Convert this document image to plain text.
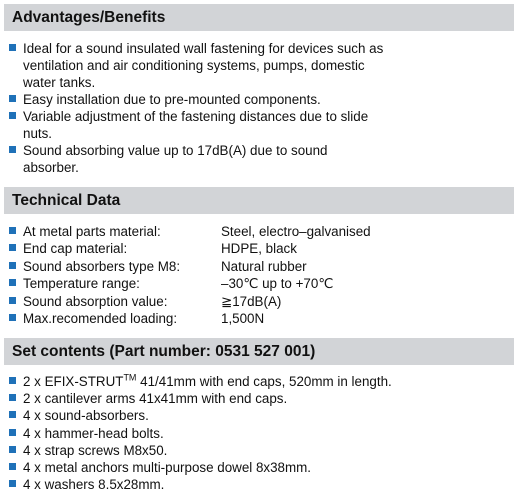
Advantages/Benefits
Ideal for a sound insulated wall fastening for devices such as
ventilation and air conditioning systems, pumps, domestic
water tanks.
Easy installation due to pre-mounted components.
Variable adjustment of the fastening distances due to slide
nuts.
Sound absorbing value up to 17dB(A) due to sound
absorber.
Technical Data
At metal parts material:	Steel, electro–galvanised
End cap material:	HDPE, black
Sound absorbers type M8:	Natural rubber
Temperature range:	–30℃ up to +70℃
Sound absorption value:	≧17dB(A)
Max.recomended loading:	1,500N
Set contents (Part number: 0531 527 001)
2 x EFIX-STRUT™ 41/41mm with end caps, 520mm in length.
2 x cantilever arms 41x41mm with end caps.
4 x sound-absorbers.
4 x hammer-head bolts.
4 x strap screws M8x50.
4 x metal anchors multi-purpose dowel 8x38mm.
4 x washers 8.5x28mm.
